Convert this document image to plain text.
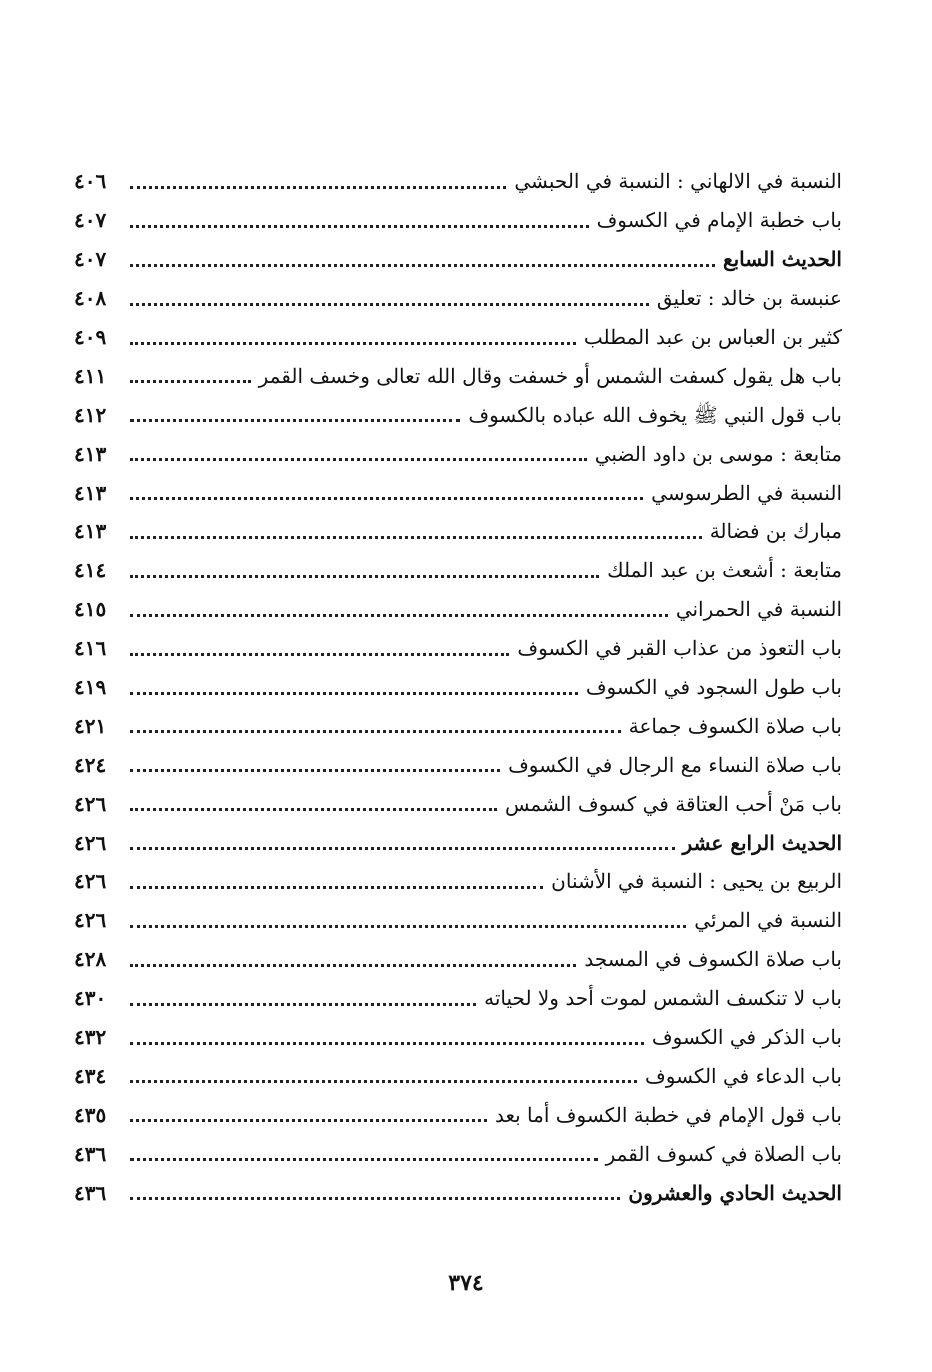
النسبة في الالهاني : النسبة في الحبشي
٤٠٦
باب خطبة الإمام في الكسوف
٤٠٧
الحديث السابع
٤٠٧
عنبسة بن خالد : تعليق
٤٠٨
كثير بن العباس بن عبد المطلب
٤٠٩
باب هل يقول كسفت الشمس أو خسفت وقال الله تعالى وخسف القمر
٤١١
باب قول النبي ﷺ يخوف الله عباده بالكسوف
٤١٢
متابعة : موسى بن داود الضبي
٤١٣
النسبة في الطرسوسي
٤١٣
مبارك بن فضالة
٤١٣
متابعة : أشعث بن عبد الملك
٤١٤
النسبة في الحمراني
٤١٥
باب التعوذ من عذاب القبر في الكسوف
٤١٦
باب طول السجود في الكسوف
٤١٩
باب صلاة الكسوف جماعة
٤٢١
باب صلاة النساء مع الرجال في الكسوف
٤٢٤
باب مَنْ أحب العتاقة في كسوف الشمس
٤٢٦
الحديث الرابع عشر
٤٢٦
الربيع بن يحيى : النسبة في الأشنان
٤٢٦
النسبة في المرئي
٤٢٦
باب صلاة الكسوف في المسجد
٤٢٨
باب لا تنكسف الشمس لموت أحد ولا لحياته
٤٣٠
باب الذكر في الكسوف
٤٣٢
باب الدعاء في الكسوف
٤٣٤
باب قول الإمام في خطبة الكسوف أما بعد
٤٣٥
باب الصلاة في كسوف القمر
٤٣٦
الحديث الحادي والعشرون
٤٣٦
٣٧٤
